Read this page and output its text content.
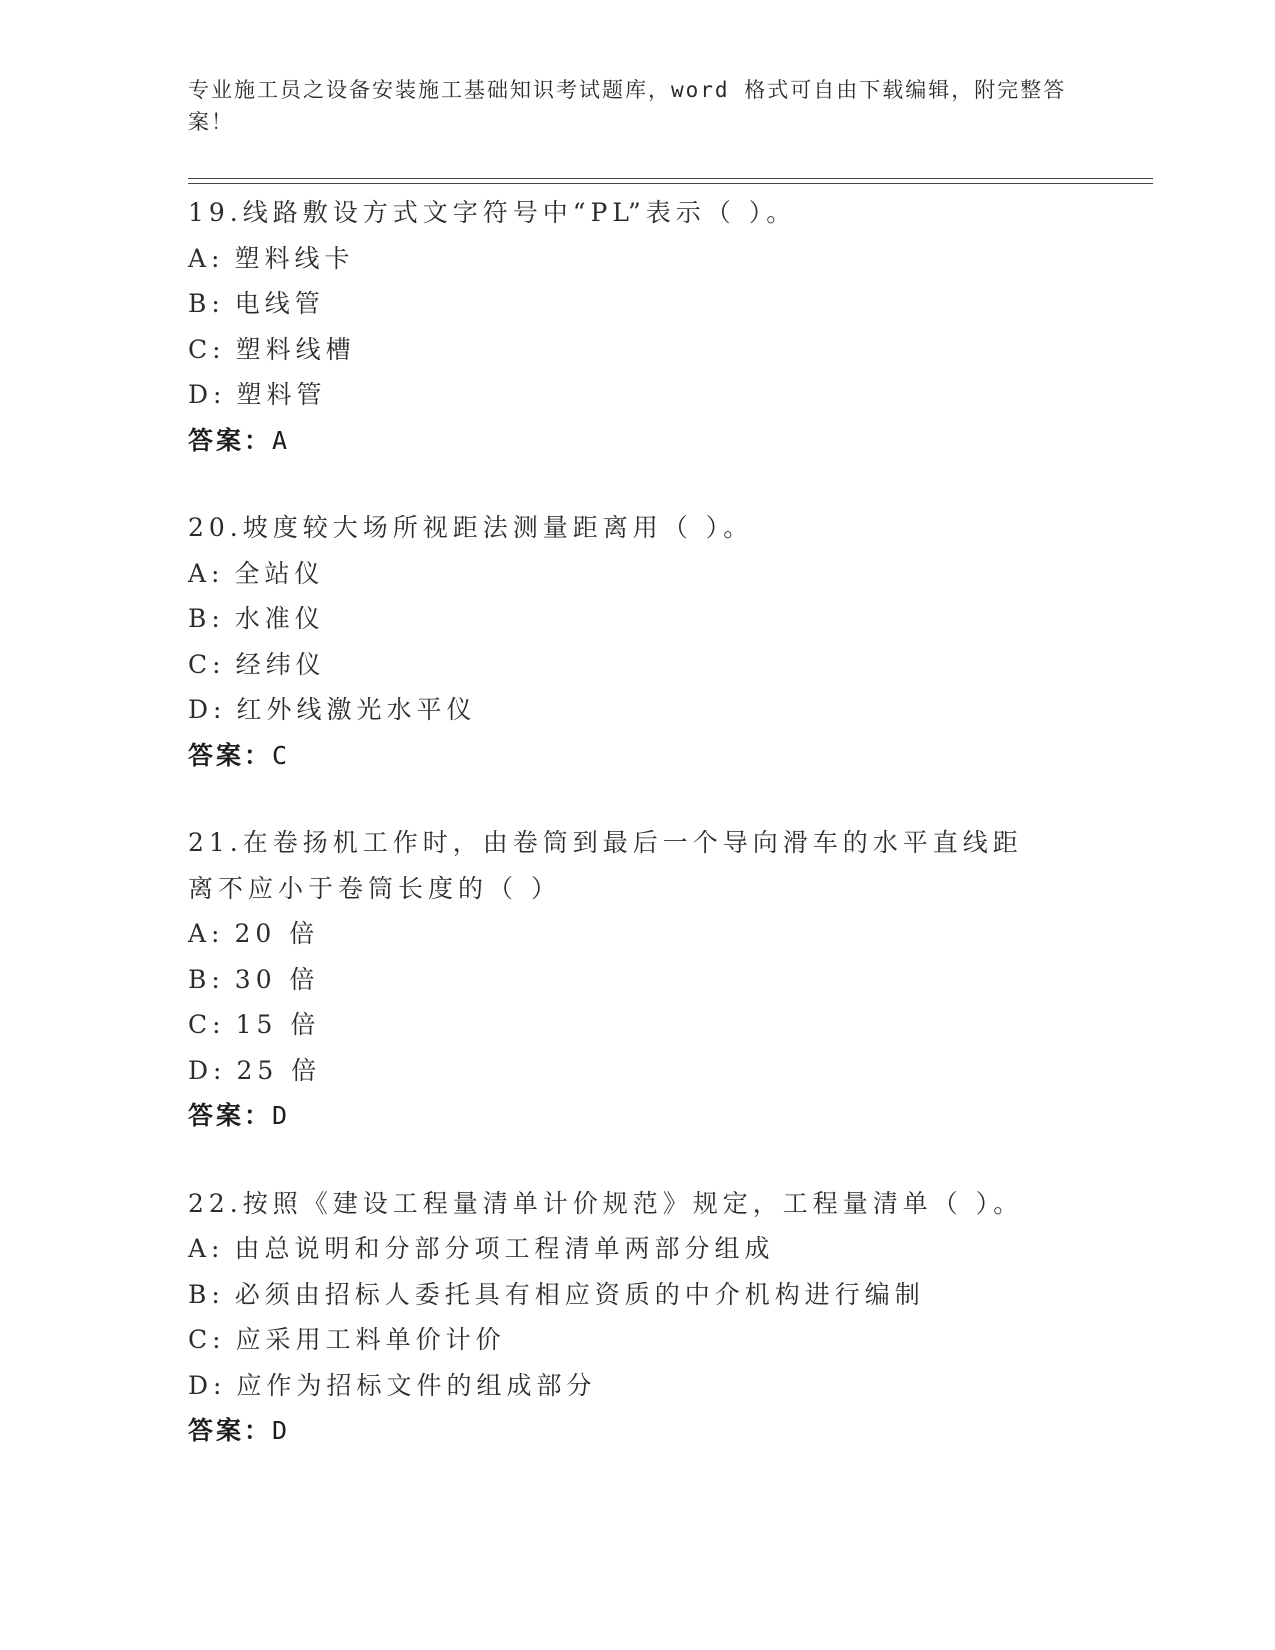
专业施工员之设备安装施工基础知识考试题库，word 格式可自由下载编辑，附完整答案！
19.线路敷设方式文字符号中“PL”表示（ ）。
A: 塑料线卡
B: 电线管
C: 塑料线槽
D: 塑料管
答案：A
20.坡度较大场所视距法测量距离用（ ）。
A: 全站仪
B: 水准仪
C: 经纬仪
D: 红外线激光水平仪
答案：C
21.在卷扬机工作时，由卷筒到最后一个导向滑车的水平直线距离不应小于卷筒长度的（ ）
A: 20 倍
B: 30 倍
C: 15 倍
D: 25 倍
答案：D
22.按照《建设工程量清单计价规范》规定，工程量清单（ ）。
A: 由总说明和分部分项工程清单两部分组成
B: 必须由招标人委托具有相应资质的中介机构进行编制
C: 应采用工料单价计价
D: 应作为招标文件的组成部分
答案：D
